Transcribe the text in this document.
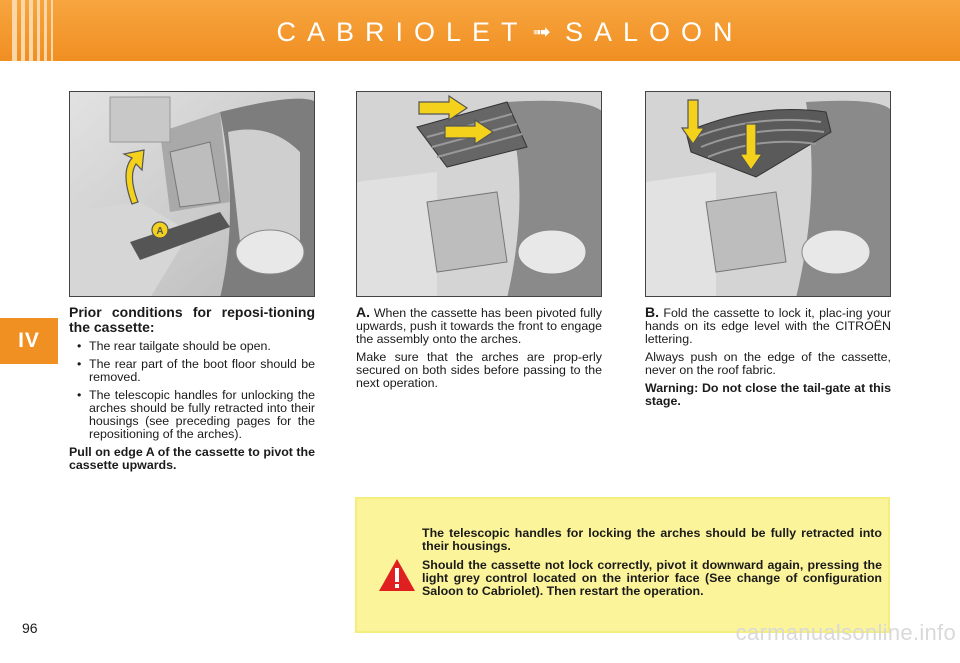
CABRIOLET ➟ SALOON
IV
A

Prior conditions for reposi-tioning the cassette:

• The rear tailgate should be open.
• The rear part of the boot floor should be removed.
• The telescopic handles for unlocking the arches should be fully retracted into their housings (see preceding pages for the repositioning of the arches).

Pull on edge A of the cassette to pivot the cassette upwards.

A. When the cassette has been pivoted fully upwards, push it towards the front to engage the assembly onto the arches.

Make sure that the arches are prop-erly secured on both sides before passing to the next operation.

B. Fold the cassette to lock it, plac-ing your hands on its edge level with the CITROËN lettering.

Always push on the edge of the cassette, never on the roof fabric.

Warning: Do not close the tail-gate at this stage.

The telescopic handles for locking the arches should be fully retracted into their housings.

Should the cassette not lock correctly, pivot it downward again, pressing the light grey control located on the interior face (See change of configuration Saloon to Cabriolet). Then restart the operation.

96	carmanualsonline.info
